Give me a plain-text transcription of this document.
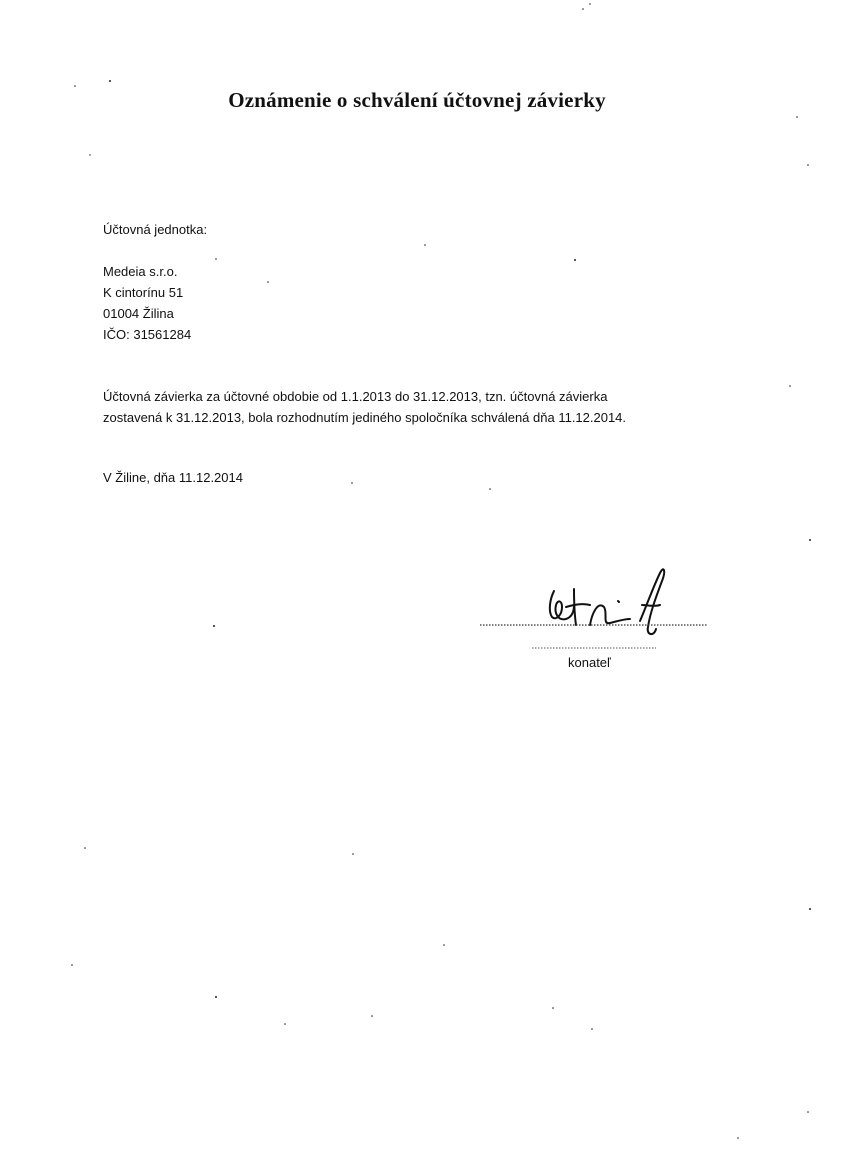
Oznámenie o schválení účtovnej závierky
Účtovná jednotka:
Medeia s.r.o.
K cintorínu 51
01004 Žilina
IČO: 31561284
Účtovná závierka za účtovné obdobie od 1.1.2013 do 31.12.2013, tzn. účtovná závierka
zostavená k 31.12.2013, bola rozhodnutím jediného spoločníka schválená dňa 11.12.2014.
V Žiline, dňa 11.12.2014
konateľ
